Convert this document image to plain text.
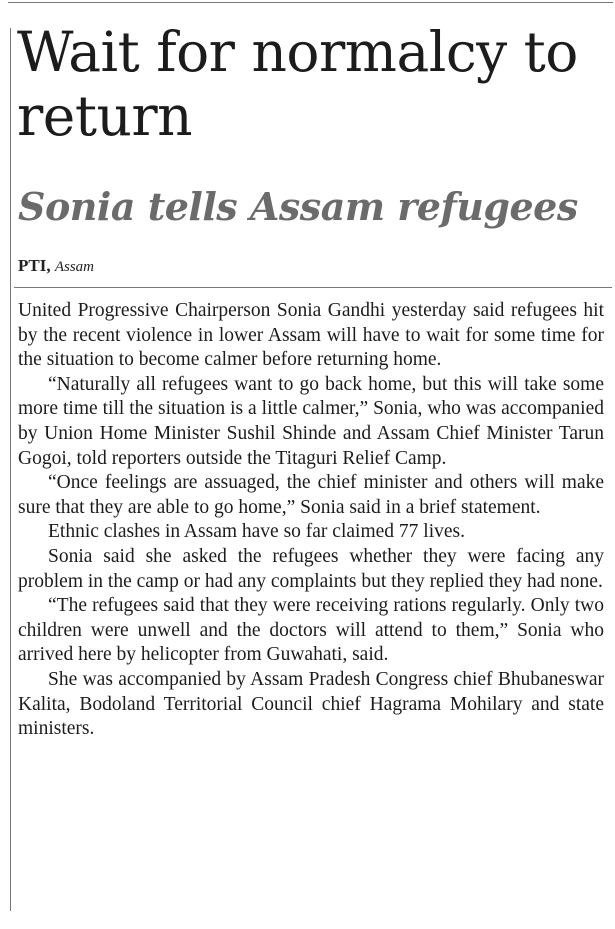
Wait for normalcy to return
Sonia tells Assam refugees
PTI, Assam

United Progressive Chairperson Sonia Gandhi yesterday said refugees hit by the recent violence in lower Assam will have to wait for some time for the situation to become calmer before returning home.

“Naturally all refugees want to go back home, but this will take some more time till the situation is a little calmer,” Sonia, who was accompanied by Union Home Minister Sushil Shinde and Assam Chief Minister Tarun Gogoi, told reporters outside the Titaguri Relief Camp.

“Once feelings are assuaged, the chief minister and others will make sure that they are able to go home,” Sonia said in a brief statement.

Ethnic clashes in Assam have so far claimed 77 lives.

Sonia said she asked the refugees whether they were facing any problem in the camp or had any complaints but they replied they had none.

“The refugees said that they were receiving rations regularly. Only two children were unwell and the doctors will attend to them,” Sonia who arrived here by helicopter from Guwahati, said.

She was accompanied by Assam Pradesh Congress chief Bhubaneswar Kalita, Bodoland Territorial Council chief Hagrama Mohilary and state ministers.
